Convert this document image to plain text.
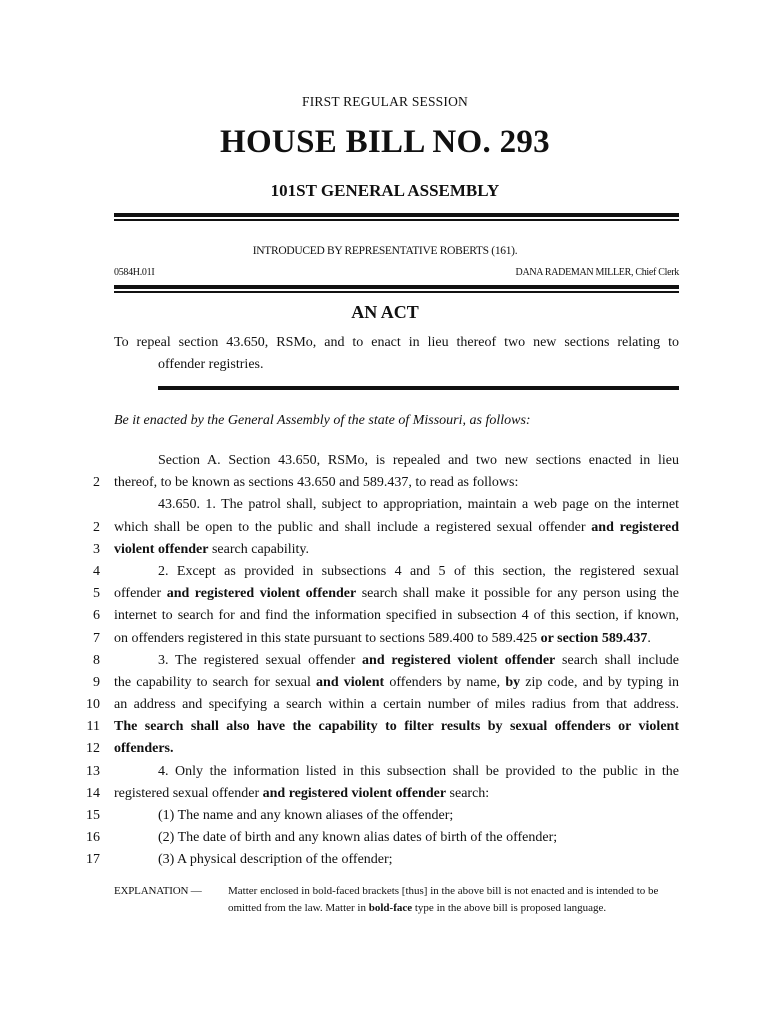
FIRST REGULAR SESSION
HOUSE BILL NO. 293
101ST GENERAL ASSEMBLY
INTRODUCED BY REPRESENTATIVE ROBERTS (161).
0584H.01I	DANA RADEMAN MILLER, Chief Clerk
AN ACT
To repeal section 43.650, RSMo, and to enact in lieu thereof two new sections relating to
offender registries.
Be it enacted by the General Assembly of the state of Missouri, as follows:
Section A. Section 43.650, RSMo, is repealed and two new sections enacted in lieu
2 thereof, to be known as sections 43.650 and 589.437, to read as follows:
43.650. 1. The patrol shall, subject to appropriation, maintain a web page on the internet
2 which shall be open to the public and shall include a registered sexual offender and registered
3 violent offender search capability.
4	2. Except as provided in subsections 4 and 5 of this section, the registered sexual
5 offender and registered violent offender search shall make it possible for any person using the
6 internet to search for and find the information specified in subsection 4 of this section, if known,
7 on offenders registered in this state pursuant to sections 589.400 to 589.425 or section 589.437.
8	3. The registered sexual offender and registered violent offender search shall include
9 the capability to search for sexual and violent offenders by name, by zip code, and by typing in
10 an address and specifying a search within a certain number of miles radius from that address.
11 The search shall also have the capability to filter results by sexual offenders or violent
12 offenders.
13	4. Only the information listed in this subsection shall be provided to the public in the
14 registered sexual offender and registered violent offender search:
15	(1) The name and any known aliases of the offender;
16	(2) The date of birth and any known alias dates of birth of the offender;
17	(3) A physical description of the offender;
EXPLANATION — Matter enclosed in bold-faced brackets [thus] in the above bill is not enacted and is intended to be omitted from the law. Matter in bold-face type in the above bill is proposed language.
